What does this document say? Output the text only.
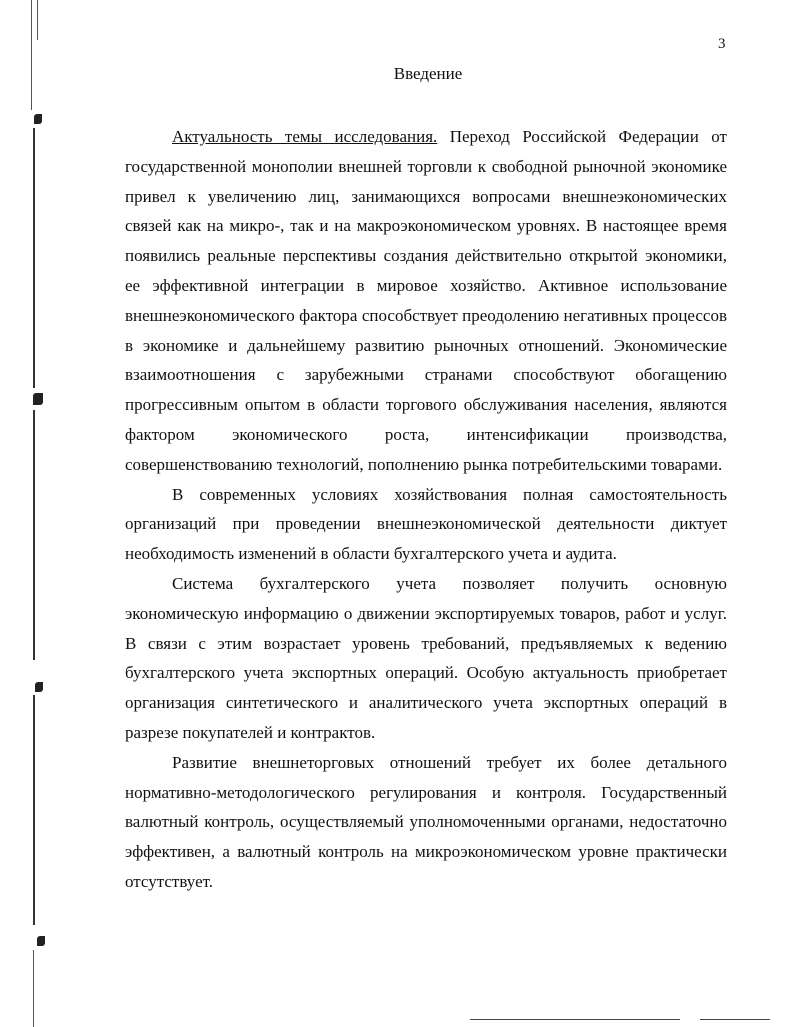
3
Введение

Актуальность темы исследования. Переход Российской Федерации от государственной монополии внешней торговли к свободной рыночной экономике привел к увеличению лиц, занимающихся вопросами внешнеэкономических связей как на микро-, так и на макроэкономическом уровнях. В настоящее время появились реальные перспективы создания действительно открытой экономики, ее эффективной интеграции в мировое хозяйство. Активное использование внешнеэкономического фактора способствует преодолению негативных процессов в экономике и дальнейшему развитию рыночных отношений. Экономические взаимоотношения с зарубежными странами способствуют обогащению прогрессивным опытом в области торгового обслуживания населения, являются фактором экономического роста, интенсификации производства, совершенствованию технологий, пополнению рынка потребительскими товарами.

В современных условиях хозяйствования полная самостоятельность организаций при проведении внешнеэкономической деятельности диктует необходимость изменений в области бухгалтерского учета и аудита.

Система бухгалтерского учета позволяет получить основную экономическую информацию о движении экспортируемых товаров, работ и услуг. В связи с этим возрастает уровень требований, предъявляемых к ведению бухгалтерского учета экспортных операций. Особую актуальность приобретает организация синтетического и аналитического учета экспортных операций в разрезе покупателей и контрактов.

Развитие внешнеторговых отношений требует их более детального нормативно-методологического регулирования и контроля. Государственный валютный контроль, осуществляемый уполномоченными органами, недостаточно эффективен, а валютный контроль на микроэкономическом уровне практически отсутствует.
